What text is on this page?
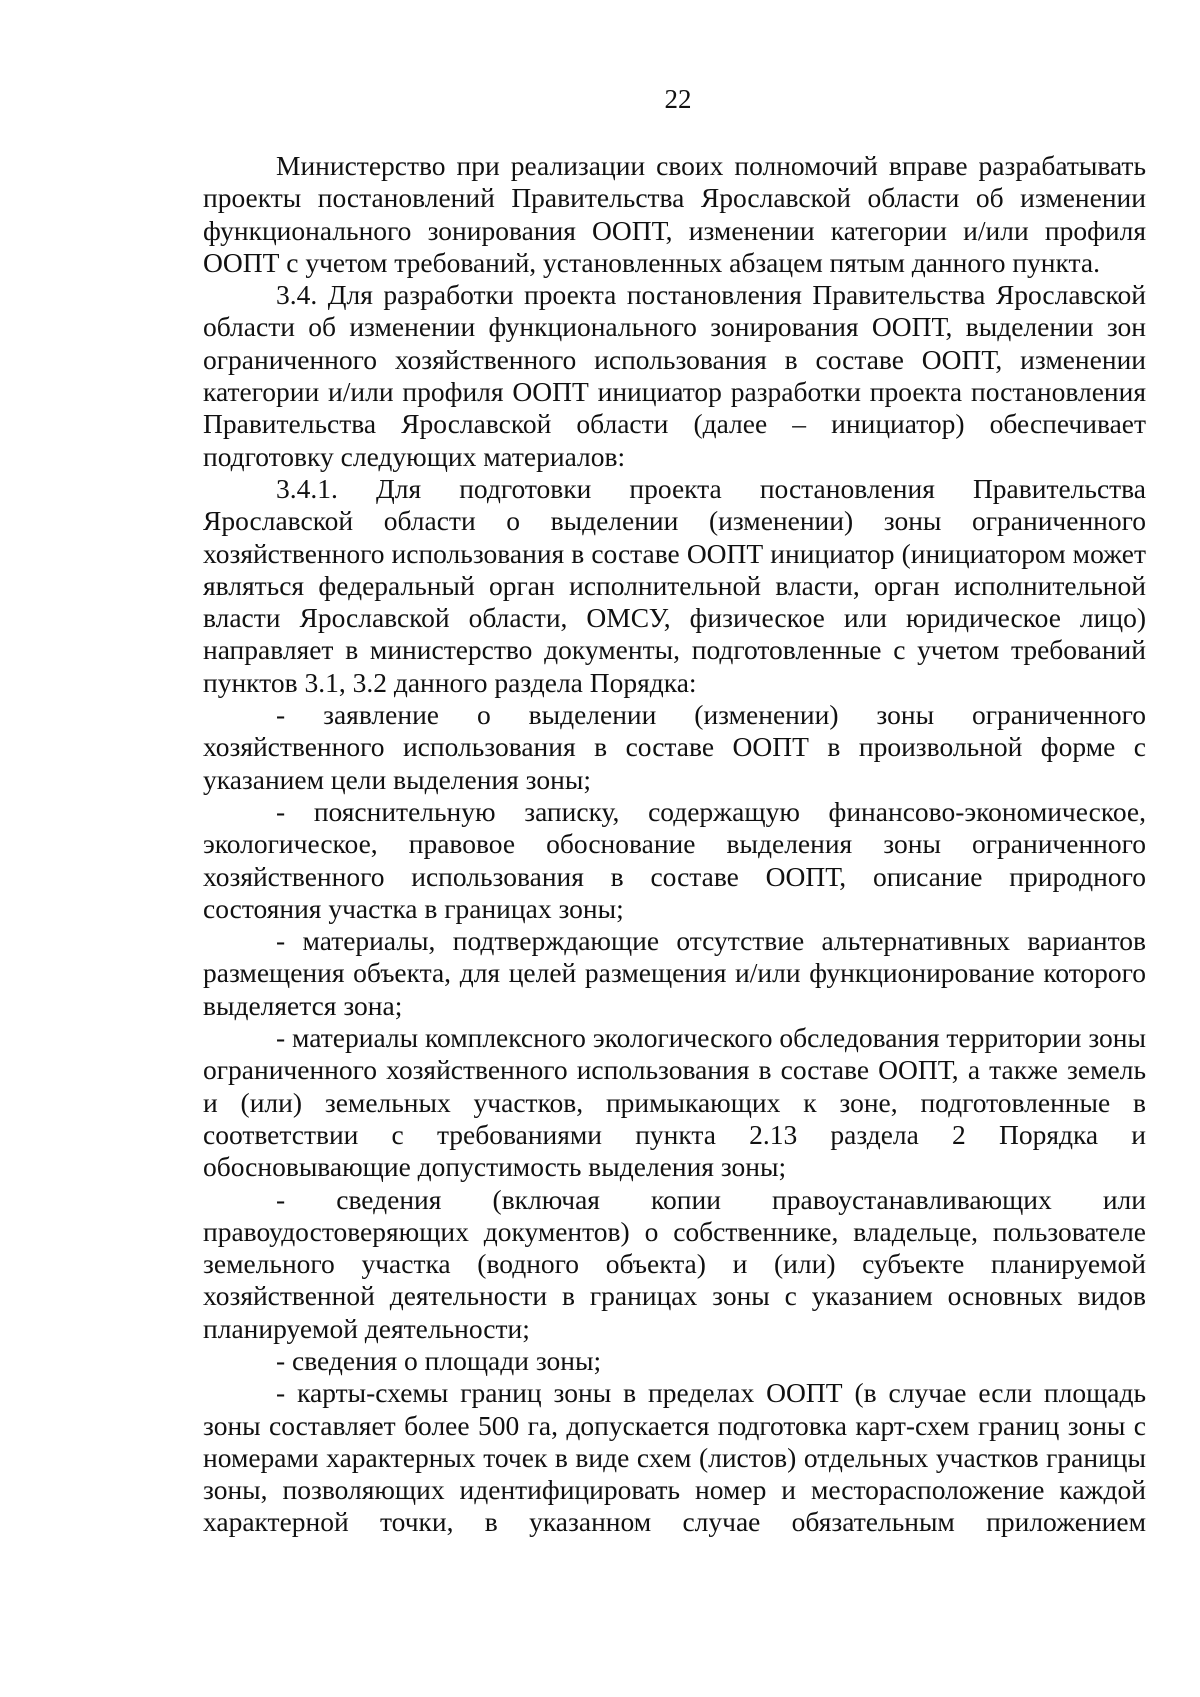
22

Министерство при реализации своих полномочий вправе разрабатывать проекты постановлений Правительства Ярославской области об изменении функционального зонирования ООПТ, изменении категории и/или профиля ООПТ с учетом требований, установленных абзацем пятым данного пункта.

3.4. Для разработки проекта постановления Правительства Ярославской области об изменении функционального зонирования ООПТ, выделении зон ограниченного хозяйственного использования в составе ООПТ, изменении категории и/или профиля ООПТ инициатор разработки проекта постановления Правительства Ярославской области (далее – инициатор) обеспечивает подготовку следующих материалов:

3.4.1. Для подготовки проекта постановления Правительства Ярославской области о выделении (изменении) зоны ограниченного хозяйственного использования в составе ООПТ инициатор (инициатором может являться федеральный орган исполнительной власти, орган исполнительной власти Ярославской области, ОМСУ, физическое или юридическое лицо) направляет в министерство документы, подготовленные с учетом требований пунктов 3.1, 3.2 данного раздела Порядка:

- заявление о выделении (изменении) зоны ограниченного хозяйственного использования в составе ООПТ в произвольной форме с указанием цели выделения зоны;

- пояснительную записку, содержащую финансово-экономическое, экологическое, правовое обоснование выделения зоны ограниченного хозяйственного использования в составе ООПТ, описание природного состояния участка в границах зоны;

- материалы, подтверждающие отсутствие альтернативных вариантов размещения объекта, для целей размещения и/или функционирование которого выделяется зона;

- материалы комплексного экологического обследования территории зоны ограниченного хозяйственного использования в составе ООПТ, а также земель и (или) земельных участков, примыкающих к зоне, подготовленные в соответствии с требованиями пункта 2.13 раздела 2 Порядка и обосновывающие допустимость выделения зоны;

- сведения (включая копии правоустанавливающих или правоудостоверяющих документов) о собственнике, владельце, пользователе земельного участка (водного объекта) и (или) субъекте планируемой хозяйственной деятельности в границах зоны с указанием основных видов планируемой деятельности;

- сведения о площади зоны;

- карты-схемы границ зоны в пределах ООПТ (в случае если площадь зоны составляет более 500 га, допускается подготовка карт-схем границ зоны с номерами характерных точек в виде схем (листов) отдельных участков границы зоны, позволяющих идентифицировать номер и месторасположение каждой характерной точки, в указанном случае обязательным приложением
